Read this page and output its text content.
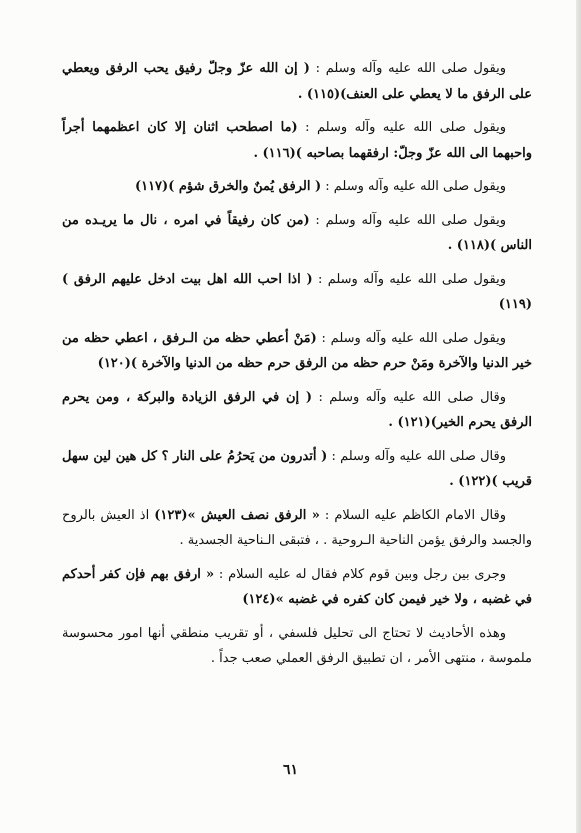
ويقول صلى الله عليه وآله وسلم : ( إن الله عزّ وجلّ رفيق يحب الرفق ويعطي على الرفق ما لا يعطي على العنف)(١١٥) .

ويقول صلى الله عليه وآله وسلم : (ما اصطحب اثنان إلا كان اعظمهما أجراً واحبهما الى الله عزّ وجلّ: ارفقهما بصاحبه )(١١٦) .

ويقول صلى الله عليه وآله وسلم : ( الرفق يُمنٌ والخرق شؤم )(١١٧)

ويقول صلى الله عليه وآله وسلم : (من كان رفيقاً في امره ، نال ما يريـده من الناس )(١١٨) .

ويقول صلى الله عليه وآله وسلم : ( اذا احب الله اهل بيت ادخل عليهم الرفق )(١١٩)

ويقول صلى الله عليه وآله وسلم : (مَنْ أعطي حظه من الـرفق ، اعطي حظه من خير الدنيا والآخرة ومَنْ حرم حظه من الرفق حرم حظه من الدنيا والآخرة )(١٢٠)

وقال صلى الله عليه وآله وسلم : ( إن في الرفق الزيادة والبركة ، ومن يحرم الرفق يحرم الخير)(١٢١) .

وقال صلى الله عليه وآله وسلم : ( أتدرون من يَحرُمُ على النار ؟ كل هين لين سهل قريب )(١٢٢) .

وقال الامام الكاظم عليه السلام : « الرفق نصف العيش »(١٢٣) اذ العيش بالروح والجسد والرفق يؤمن الناحية الـروحية . ، فتبقى الـناحية الجسدية .

وجرى بين رجل وبين قوم كلام فقال له عليه السلام : « ارفق بهم فإن كفر أحدكم في غضبه ، ولا خير فيمن كان كفره في غضبه »(١٢٤)

وهذه الأحاديث لا تحتاج الى تحليل فلسفي ، أو تقريب منطقي أنها امور محسوسة ملموسة ، منتهى الأمر ، ان تطبيق الرفق العملي صعب جداً .

٦١
